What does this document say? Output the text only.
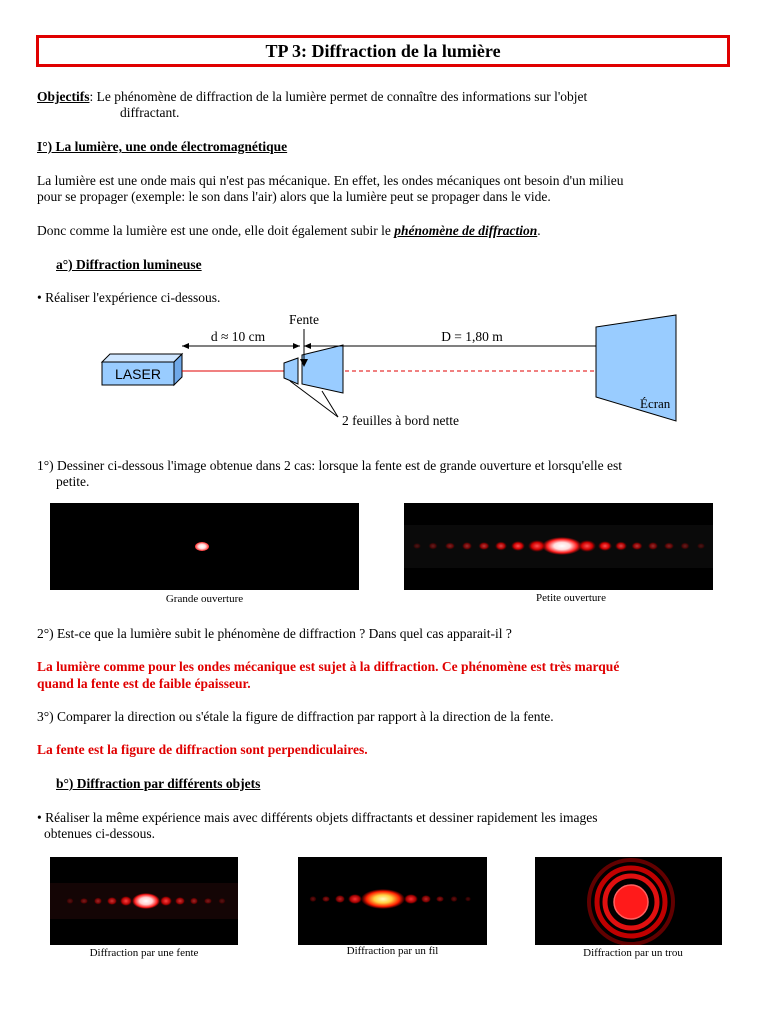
TP 3: Diffraction de la lumière
Objectifs: Le phénomène de diffraction de la lumière permet de connaître des informations sur l'objet
diffractant.
I°) La lumière, une onde électromagnétique
La lumière est une onde mais qui n'est pas mécanique. En effet, les ondes mécaniques ont besoin d'un milieu
pour se propager (exemple: le son dans l'air) alors que la lumière peut se propager dans le vide.
Donc comme la lumière est une onde, elle doit également subir le phénomène de diffraction.
a°) Diffraction lumineuse
• Réaliser l'expérience ci-dessous.
LASER
Fente
d ≈ 10 cm	D = 1,80 m
Écran
2 feuilles à bord nette
1°) Dessiner ci-dessous l'image obtenue dans 2 cas: lorsque la fente est de grande ouverture et lorsqu'elle est
petite.
Grande ouverture	Petite ouverture
2°) Est-ce que la lumière subit le phénomène de diffraction ? Dans quel cas apparait-il ?
La lumière comme pour les ondes mécanique est sujet à la diffraction. Ce phénomène est très marqué
quand la fente est de faible épaisseur.
3°) Comparer la direction ou s'étale la figure de diffraction par rapport à la direction de la fente.
La fente est la figure de diffraction sont perpendiculaires.
b°) Diffraction par différents objets
• Réaliser la même expérience mais avec différents objets diffractants et dessiner rapidement les images
obtenues ci-dessous.
Diffraction par une fente	Diffraction par un fil	Diffraction par un trou
